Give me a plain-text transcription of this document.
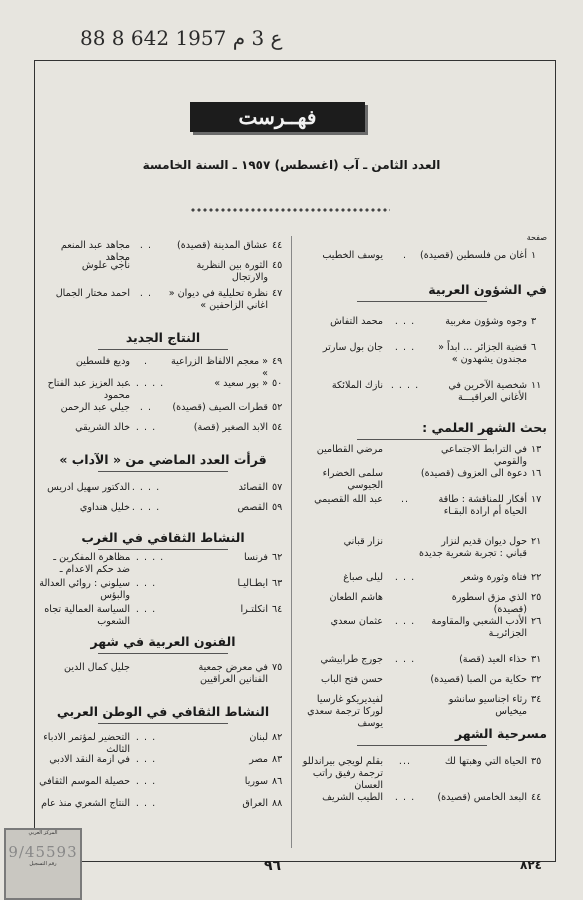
88 8 ع 3 م 1957 642
فهــرست
العدد الثامن ـ آب (اغسطس) ١٩٥٧ ـ السنة الخامسة
صفحة
١
أغان من فلسطين (قصيدة)
.
يوسف الخطيب
في الشؤون العربية
٣
وجوه وشؤون مغربية
. . .
محمد التفاش
٦
قضية الجزائر ... ابداً « مجندون يشهدون »
. . .
جان بول سارتر
١١
شخصية الآخرين في الأغاني العراقيـــة
. . . .
نازك الملائكة
بحث الشهر العلمي :
١٣
في الترابط الاجتماعي والقومي
مرضي القطامين
١٦
دعوة الى العزوف (قصيدة)
سلمى الخضراء الجيوسي
١٧
أفكار للمناقشة : طاقة الحياة أم ارادة البقـاء
..
عبد الله القصيمي
٢١
حول ديوان قديم لنزار قباني : تجربة شعرية جديدة
نزار قباني
٢٢
فتاة وثورة وشعر
. . .
ليلى صباغ
٢٥
الذي مزق اسطورة (قصيدة)
هاشم الطعان
٢٦
الأدب الشعبي والمقاومة الجزائريـة
. . .
عثمان سعدي
٣١
حذاء العيد (قصة)
. . .
جورج طرابيشي
٣٢
حكاية من الصبا (قصيدة)
حسن فتح الباب
٣٤
رثاء اجناسيو سانشو ميخياس
لفيديريكو غارسيا لوركا ترجمة سعدي يوسف
مسرحية الشهر
٣٥
الحياة التي وهبتها لك
...
بقلم لويجي بيراندللو ترجمة رفيق راتب العسان
٤٤
البعد الخامس (قصيدة)
. . .
الطيب الشريف
٤٤
عشاق المدينة (قصيدة)
. .
مجاهد عبد المنعم مجاهد
٤٥
الثورة بين النظرية والارتجال
ناجي علوش
٤٧
نظرة تحليلية في ديوان « اغاني الزاحفين »
. .
احمد مختار الجمال
النتاج الجديد
٤٩
« معجم الالفاظ الزراعية »
.
وديع فلسطين
٥٠
« بور سعيد »
. . . . .
عبد العزيز عبد الفتاح محمود
٥٢
قطرات الصيف (قصيدة)
. .
جيلي عبد الرحمن
٥٤
الابد الصغير (قصة)
. . .
خالد الشريقي
قرأت العدد الماضي من « الآداب »
٥٧
القصائد
. . . .
الدكتور سهيل ادريس
٥٩
القصص
. . . .
خليل هنداوي
النشاط الثقافي في الغرب
٦٢
فرنسا
. . . . .
مظاهرة المفكرين ـ ضد حكم الاعدام ـ
٦٣
ايطـاليـا
. . .
سيلوني : روائي العدالة والبؤس
٦٤
انكلتـرا
. . .
السياسة العمالية تجاه الشعوب
الفنون العربية في شهر
٧٥
في معرض جمعية الفنانين العراقيين
جليل كمال الدين
النشاط الثقافي في الوطن العربي
٨٢
لبنان
. . .
التحضير لمؤتمر الادباء الثالث
٨٣
مصر
. . .
في ازمة النقد الادبي
٨٦
سوريا
. . .
حصيلة الموسم الثقافي
٨٨
العراق
. . .
النتاج الشعري منذ عام
٩٦	٨٢٤
المركز العربي
9/45593
رقم التسجيل
